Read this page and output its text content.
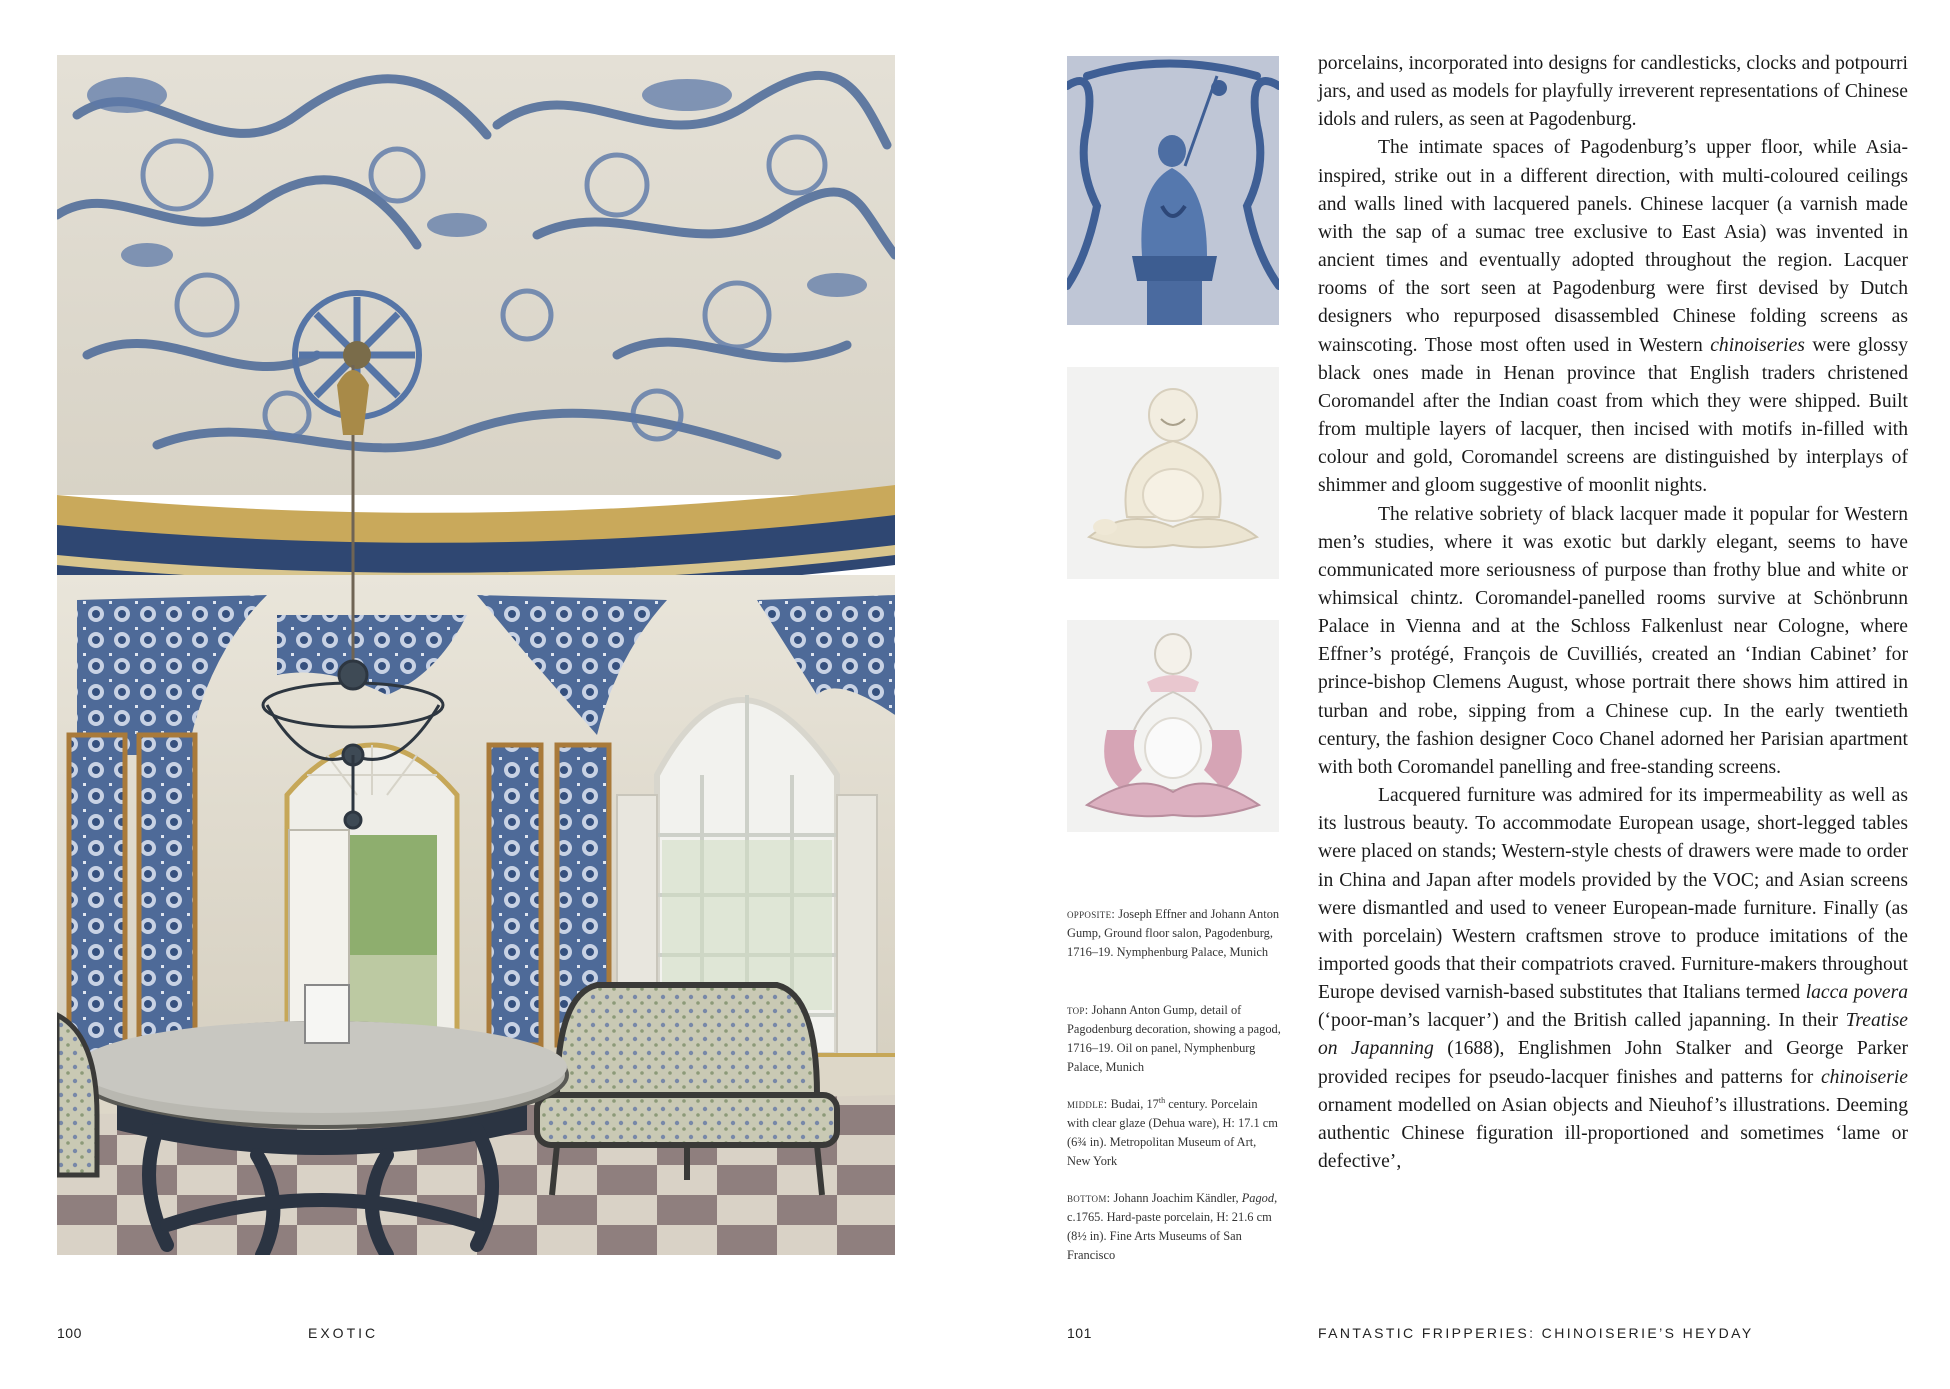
opposite: Joseph Effner and Johann Anton Gump, Ground floor salon, Pagodenburg, 1716–19. Nymphenburg Palace, Munich
top: Johann Anton Gump, detail of Pagodenburg decoration, showing a pagod, 1716–19. Oil on panel, Nymphenburg Palace, Munich
middle: Budai, 17th century. Porcelain with clear glaze (Dehua ware), H: 17.1 cm (6¾ in). Metropolitan Museum of Art, New York
bottom: Johann Joachim Kändler, Pagod, c.1765. Hard-paste porcelain, H: 21.6 cm (8½ in). Fine Arts Museums of San Francisco

porcelains, incorporated into designs for candlesticks, clocks and potpourri jars, and used as models for playfully irreverent representations of Chinese idols and rulers, as seen at Pagodenburg.

The intimate spaces of Pagodenburg’s upper floor, while Asia-inspired, strike out in a different direction, with multi-coloured ceilings and walls lined with lacquered panels. Chinese lacquer (a varnish made with the sap of a sumac tree exclusive to East Asia) was invented in ancient times and eventually adopted throughout the region. Lacquer rooms of the sort seen at Pagodenburg were first devised by Dutch designers who repurposed disassembled Chinese folding screens as wainscoting. Those most often used in Western chinoiseries were glossy black ones made in Henan province that English traders christened Coromandel after the Indian coast from which they were shipped. Built from multiple layers of lacquer, then incised with motifs in-filled with colour and gold, Coromandel screens are distinguished by interplays of shimmer and gloom suggestive of moonlit nights.

The relative sobriety of black lacquer made it popular for Western men’s studies, where it was exotic but darkly elegant, seems to have communicated more seriousness of purpose than frothy blue and white or whimsical chintz. Coromandel-panelled rooms survive at Schönbrunn Palace in Vienna and at the Schloss Falkenlust near Cologne, where Effner’s protégé, François de Cuvilliés, created an ‘Indian Cabinet’ for prince-bishop Clemens August, whose portrait there shows him attired in turban and robe, sipping from a Chinese cup. In the early twentieth century, the fashion designer Coco Chanel adorned her Parisian apartment with both Coromandel panelling and free-standing screens.

Lacquered furniture was admired for its impermeability as well as its lustrous beauty. To accommodate European usage, short-legged tables were placed on stands; Western-style chests of drawers were made to order in China and Japan after models provided by the VOC; and Asian screens were dismantled and used to veneer European-made furniture. Finally (as with porcelain) Western craftsmen strove to produce imitations of the imported goods that their compatriots craved. Furniture-makers throughout Europe devised varnish-based substitutes that Italians termed lacca povera (‘poor-man’s lacquer’) and the British called japanning. In their Treatise on Japanning (1688), Englishmen John Stalker and George Parker provided recipes for pseudo-lacquer finishes and patterns for chinoiserie ornament modelled on Asian objects and Nieuhof’s illustrations. Deeming authentic Chinese figuration ill-proportioned and sometimes ‘lame or defective’,

100	EXOTIC	101	FANTASTIC FRIPPERIES: CHINOISERIE’S HEYDAY
